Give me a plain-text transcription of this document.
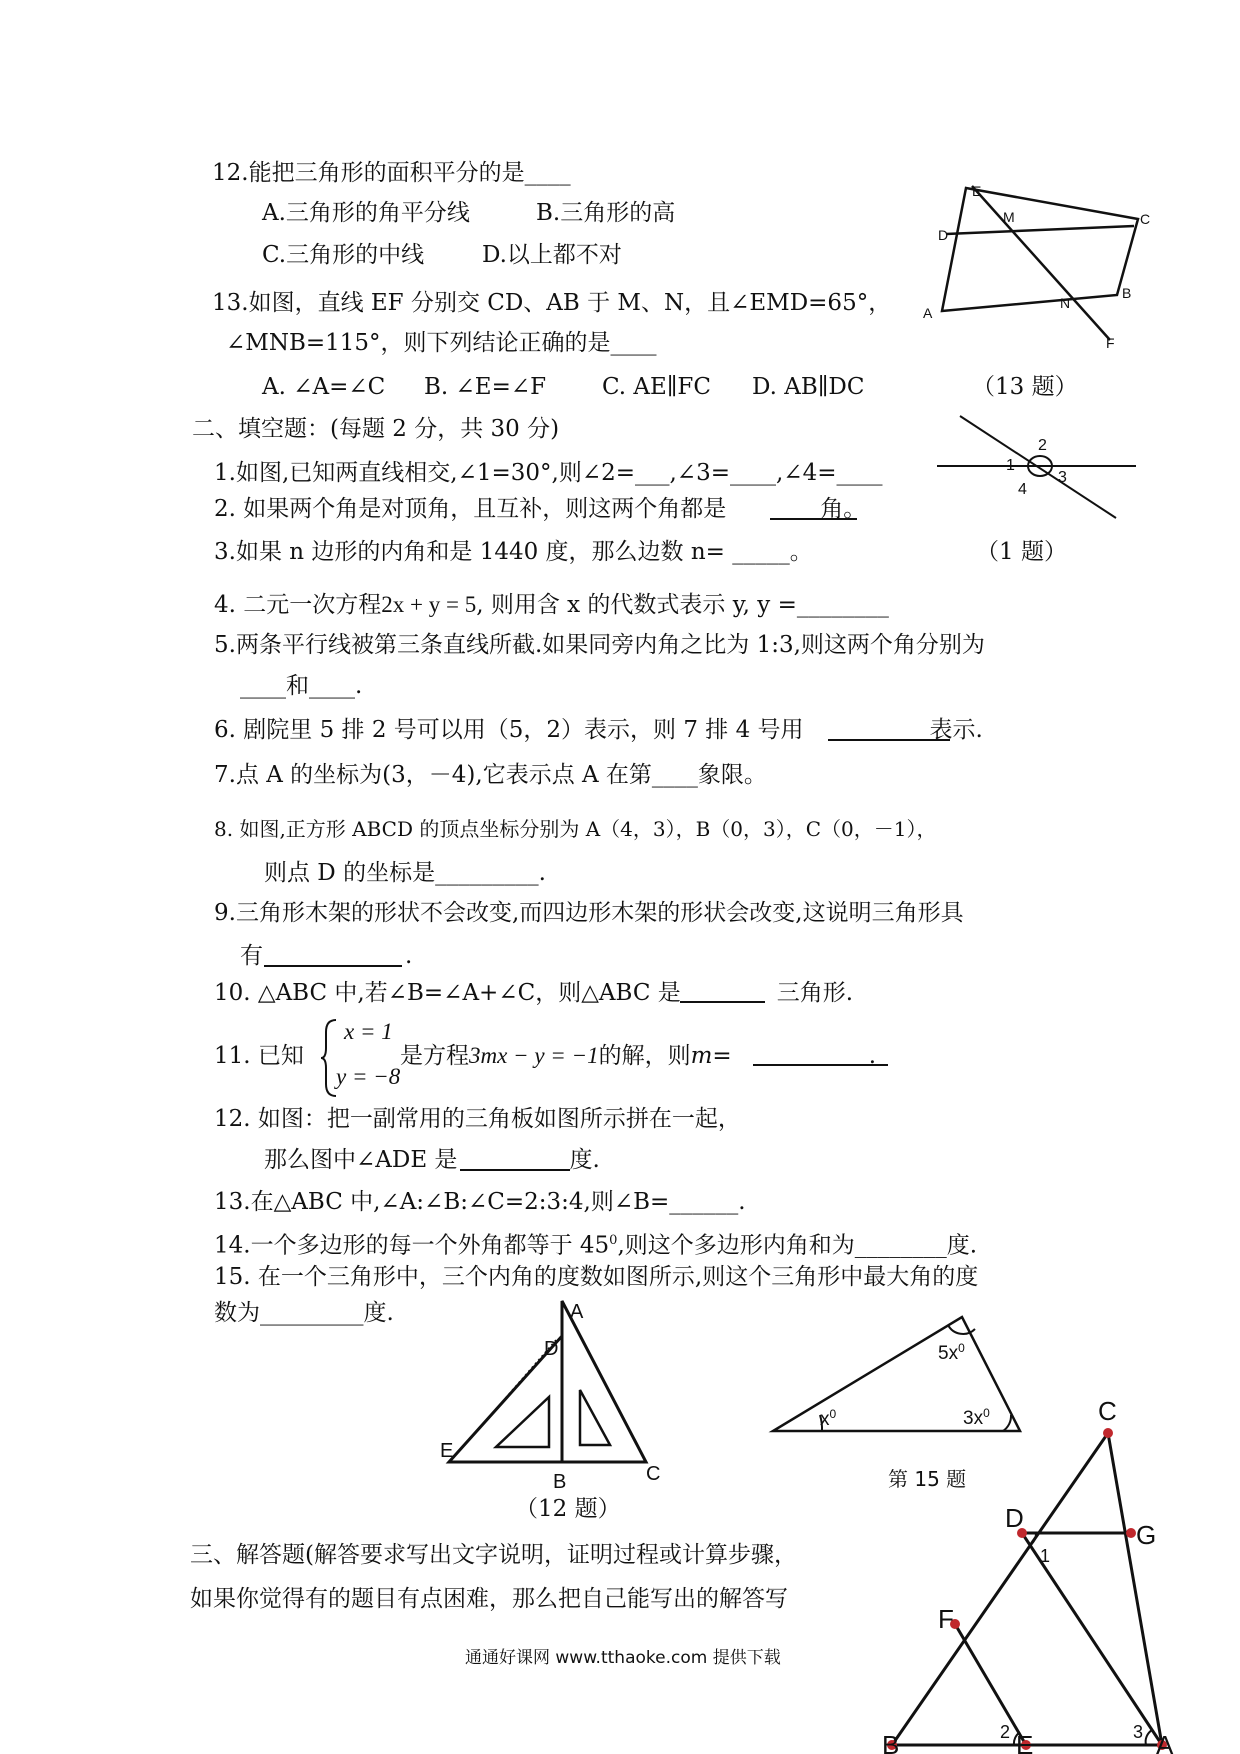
12.能把三角形的面积平分的是____
A.三角形的角平分线	B.三角形的高
C.三角形的中线	D.以上都不对
13.如图，直线 EF 分别交 CD、AB 于 M、N，且∠EMD=65°，
∠MNB=115°，则下列结论正确的是____
A. ∠A=∠C B. ∠E=∠F C. AE∥FC D. AB∥DC	（13 题）
E
M	C
D
A
N
B
F
1
2
3
4
A
D
E
B	C
$5x^0$
$x^0$	$3x^0$	C
D
G
F
B	E	A
1
2	3
（1 题）
二、填空题：(每题 2 分，共 30 分)
1.如图,已知两直线相交,∠1=30°,则∠2=___,∠3=____,∠4=____
2. 如果两个角是对顶角，且互补，则这两个角都是	角。
3.如果 n 边形的内角和是 1440 度，那么边数 n= _____。
4. 二元一次方程2x + y = 5, 则用含 x 的代数式表示 y, y =________
5.两条平行线被第三条直线所截.如果同旁内角之比为 1:3,则这两个角分别为
____和____.
6. 剧院里 5 排 2 号可以用（5，2）表示，则 7 排 4 号用	表示.
7.点 A 的坐标为(3，－4),它表示点 A 在第____象限。
8. 如图,正方形 ABCD 的顶点坐标分别为 A（4，3），B（0，3），C（0，－1），
则点 D 的坐标是_________.
9.三角形木架的形状不会改变,而四边形木架的形状会改变,这说明三角形具
有	.
10. △ABC 中,若∠B=∠A+∠C，则△ABC 是	三角形.
11. 已知
x = 1
y = −8
是方程3mx − y = −1的解，则m=	.
12. 如图：把一副常用的三角板如图所示拼在一起，
那么图中∠ADE 是	度.
13.在△ABC 中,∠A:∠B:∠C=2:3:4,则∠B=______.
14.一个多边形的每一个外角都等于 $45^0$,则这个多边形内角和为________度.
15. 在一个三角形中，三个内角的度数如图所示,则这个三角形中最大角的度
数为_________度.
（12 题）
第 15 题
三、解答题(解答要求写出文字说明，证明过程或计算步骤，
如果你觉得有的题目有点困难，那么把自己能写出的解答写
通通好课网 www.tthaoke.com 提供下载
